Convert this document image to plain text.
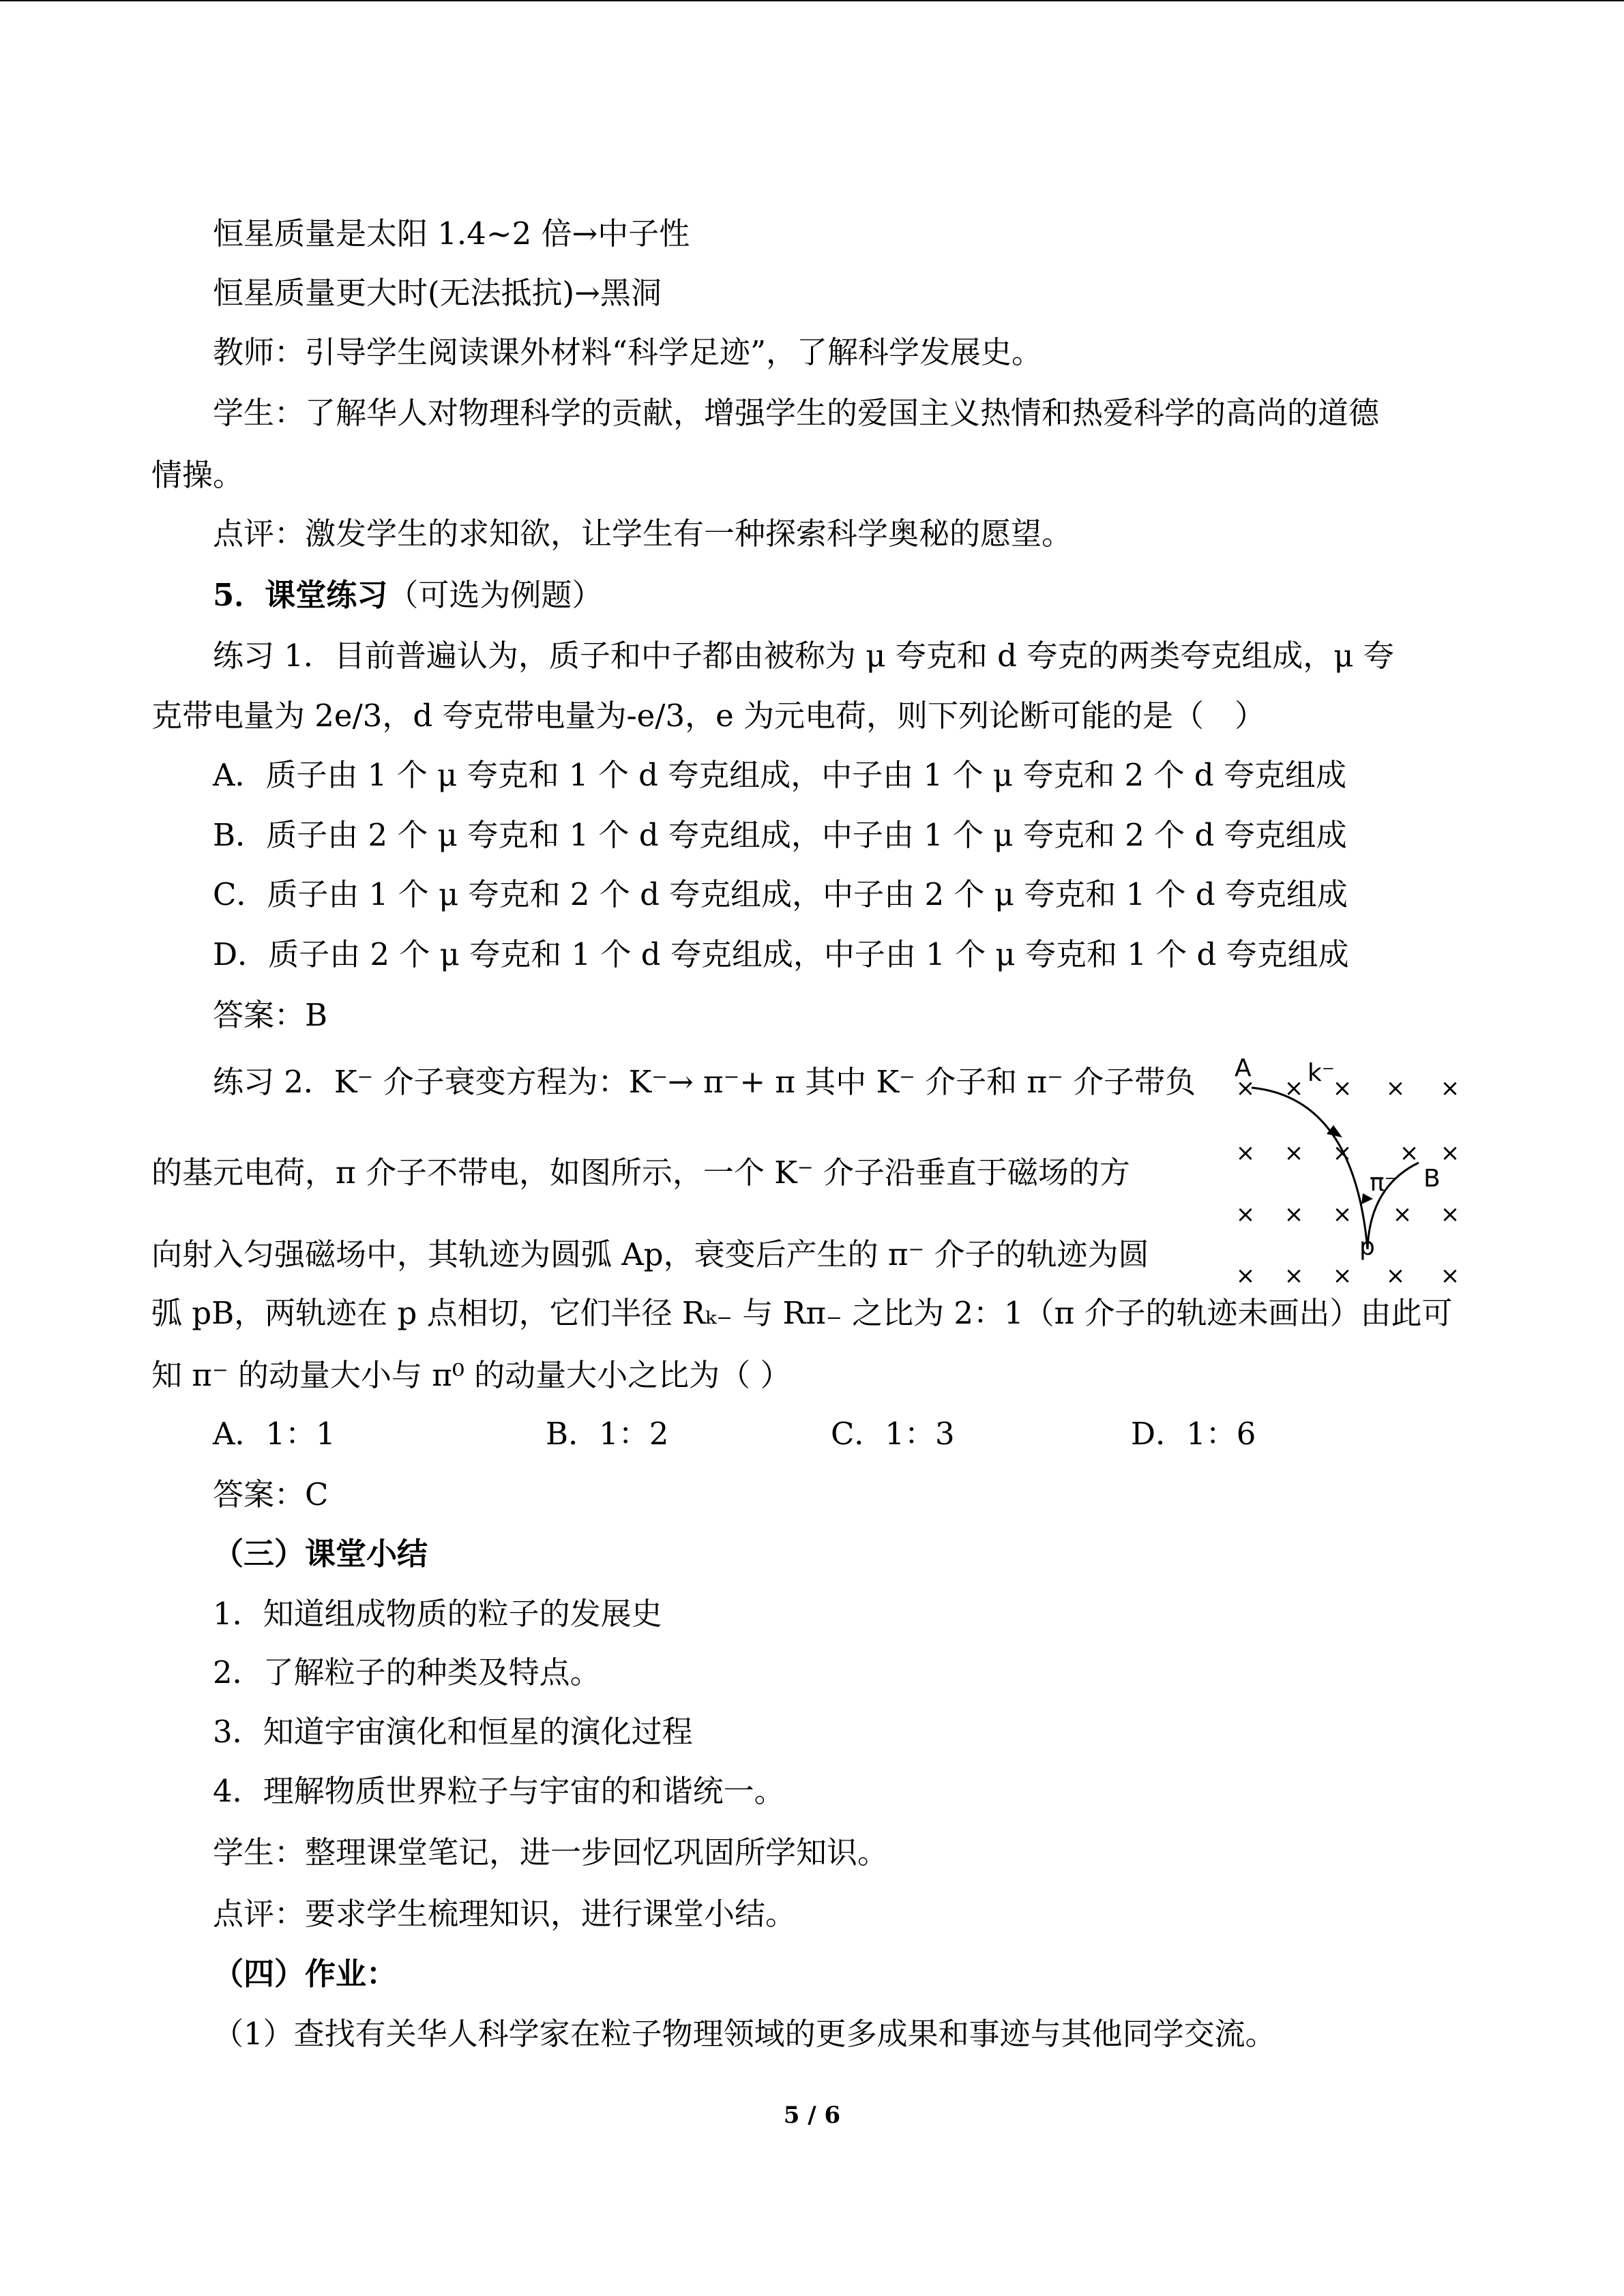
恒星质量是太阳 1.4~2 倍→中子性
恒星质量更大时(无法抵抗)→黑洞
教师：引导学生阅读课外材料“科学足迹”，了解科学发展史。
学生：了解华人对物理科学的贡献，增强学生的爱国主义热情和热爱科学的高尚的道德
情操。
点评：激发学生的求知欲，让学生有一种探索科学奥秘的愿望。
5．课堂练习（可选为例题）
练习 1．目前普遍认为，质子和中子都由被称为 μ 夸克和 d 夸克的两类夸克组成，μ 夸
克带电量为 2e/3，d 夸克带电量为-e/3，e 为元电荷，则下列论断可能的是（　）
A．质子由 1 个 μ 夸克和 1 个 d 夸克组成，中子由 1 个 μ 夸克和 2 个 d 夸克组成
B．质子由 2 个 μ 夸克和 1 个 d 夸克组成，中子由 1 个 μ 夸克和 2 个 d 夸克组成
C．质子由 1 个 μ 夸克和 2 个 d 夸克组成，中子由 2 个 μ 夸克和 1 个 d 夸克组成
D．质子由 2 个 μ 夸克和 1 个 d 夸克组成，中子由 1 个 μ 夸克和 1 个 d 夸克组成
答案：B
练习 2．K⁻ 介子衰变方程为：K⁻→ π⁻+ π 其中 K⁻ 介子和 π⁻ 介子带负
的基元电荷，π 介子不带电，如图所示，一个 K⁻ 介子沿垂直于磁场的方
向射入匀强磁场中，其轨迹为圆弧 Ap，衰变后产生的 π⁻ 介子的轨迹为圆
弧 pB，两轨迹在 p 点相切，它们半径 Rₖ₋ 与 Rπ₋ 之比为 2：1（π 介子的轨迹未画出）由此可
知 π⁻ 的动量大小与 π⁰ 的动量大小之比为（ ）
A．1：1	B．1：2	C．1：3	D．1：6
答案：C
（三）课堂小结
1．知道组成物质的粒子的发展史
2．了解粒子的种类及特点。
3．知道宇宙演化和恒星的演化过程
4．理解物质世界粒子与宇宙的和谐统一。
学生：整理课堂笔记，进一步回忆巩固所学知识。
点评：要求学生梳理知识，进行课堂小结。
（四）作业：
（1）查找有关华人科学家在粒子物理领域的更多成果和事迹与其他同学交流。
× × × × ×
× × × × ×
× × × × ×
× × × × ×
A k⁻
π⁻ B
p
5 / 6
